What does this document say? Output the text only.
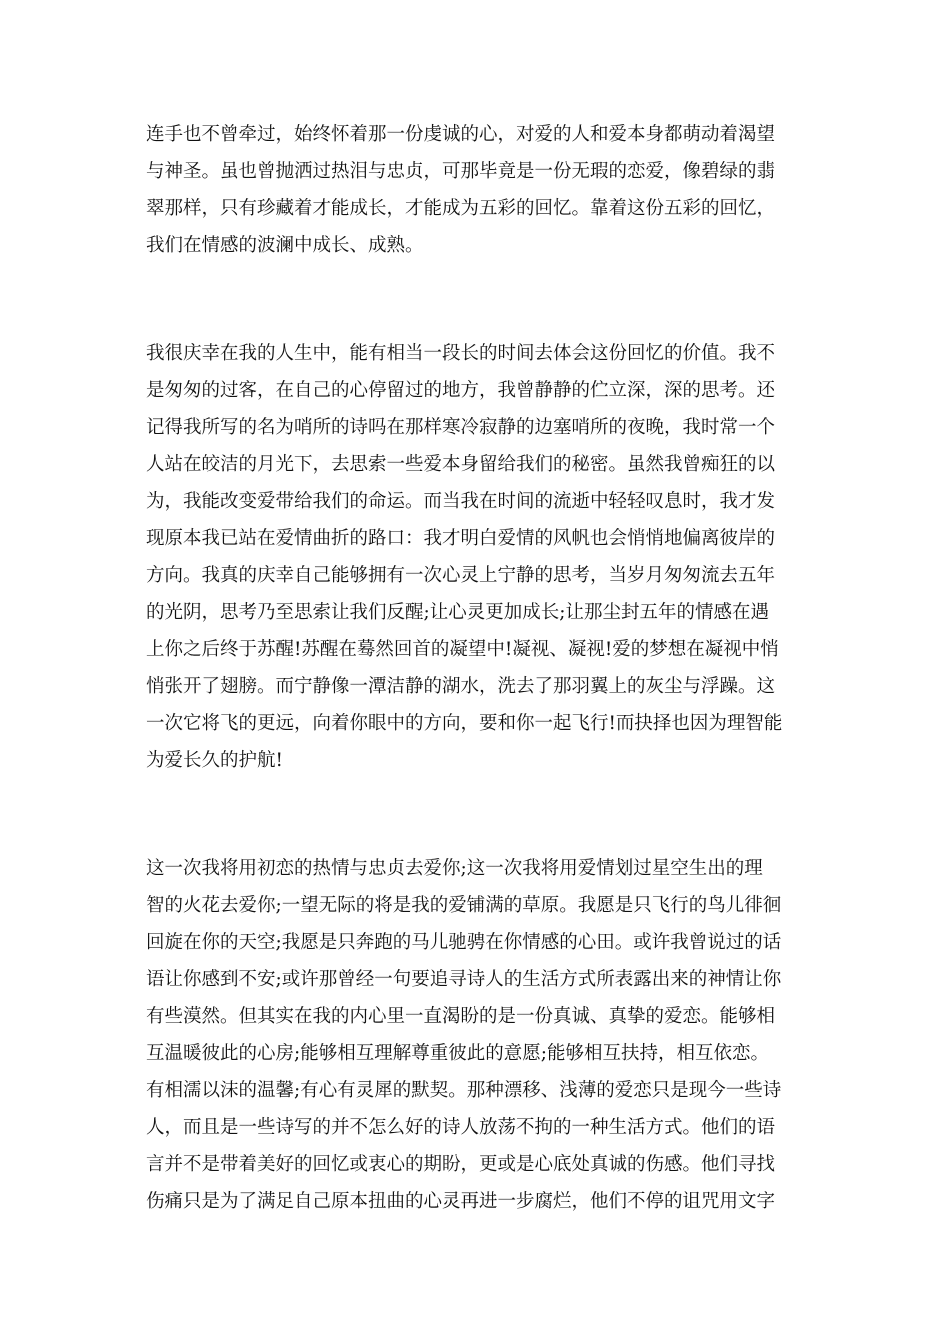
连手也不曾牵过，始终怀着那一份虔诚的心，对爱的人和爱本身都萌动着渴望
与神圣。虽也曾抛洒过热泪与忠贞，可那毕竟是一份无瑕的恋爱，像碧绿的翡
翠那样，只有珍藏着才能成长，才能成为五彩的回忆。靠着这份五彩的回忆，
我们在情感的波澜中成长、成熟。
我很庆幸在我的人生中，能有相当一段长的时间去体会这份回忆的价值。我不
是匆匆的过客，在自己的心停留过的地方，我曾静静的伫立深，深的思考。还
记得我所写的名为哨所的诗吗在那样寒冷寂静的边塞哨所的夜晚，我时常一个
人站在皎洁的月光下，去思索一些爱本身留给我们的秘密。虽然我曾痴狂的以
为，我能改变爱带给我们的命运。而当我在时间的流逝中轻轻叹息时，我才发
现原本我已站在爱情曲折的路口：我才明白爱情的风帆也会悄悄地偏离彼岸的
方向。我真的庆幸自己能够拥有一次心灵上宁静的思考，当岁月匆匆流去五年
的光阴，思考乃至思索让我们反醒;让心灵更加成长;让那尘封五年的情感在遇
上你之后终于苏醒!苏醒在蓦然回首的凝望中!凝视、凝视!爱的梦想在凝视中悄
悄张开了翅膀。而宁静像一潭洁静的湖水，洗去了那羽翼上的灰尘与浮躁。这
一次它将飞的更远，向着你眼中的方向，要和你一起飞行!而抉择也因为理智能
为爱长久的护航!
这一次我将用初恋的热情与忠贞去爱你;这一次我将用爱情划过星空生出的理
智的火花去爱你;一望无际的将是我的爱铺满的草原。我愿是只飞行的鸟儿徘徊
回旋在你的天空;我愿是只奔跑的马儿驰骋在你情感的心田。或许我曾说过的话
语让你感到不安;或许那曾经一句要追寻诗人的生活方式所表露出来的神情让你
有些漠然。但其实在我的内心里一直渴盼的是一份真诚、真挚的爱恋。能够相
互温暖彼此的心房;能够相互理解尊重彼此的意愿;能够相互扶持，相互依恋。
有相濡以沫的温馨;有心有灵犀的默契。那种漂移、浅薄的爱恋只是现今一些诗
人，而且是一些诗写的并不怎么好的诗人放荡不拘的一种生活方式。他们的语
言并不是带着美好的回忆或衷心的期盼，更或是心底处真诚的伤感。他们寻找
伤痛只是为了满足自己原本扭曲的心灵再进一步腐烂，他们不停的诅咒用文字
